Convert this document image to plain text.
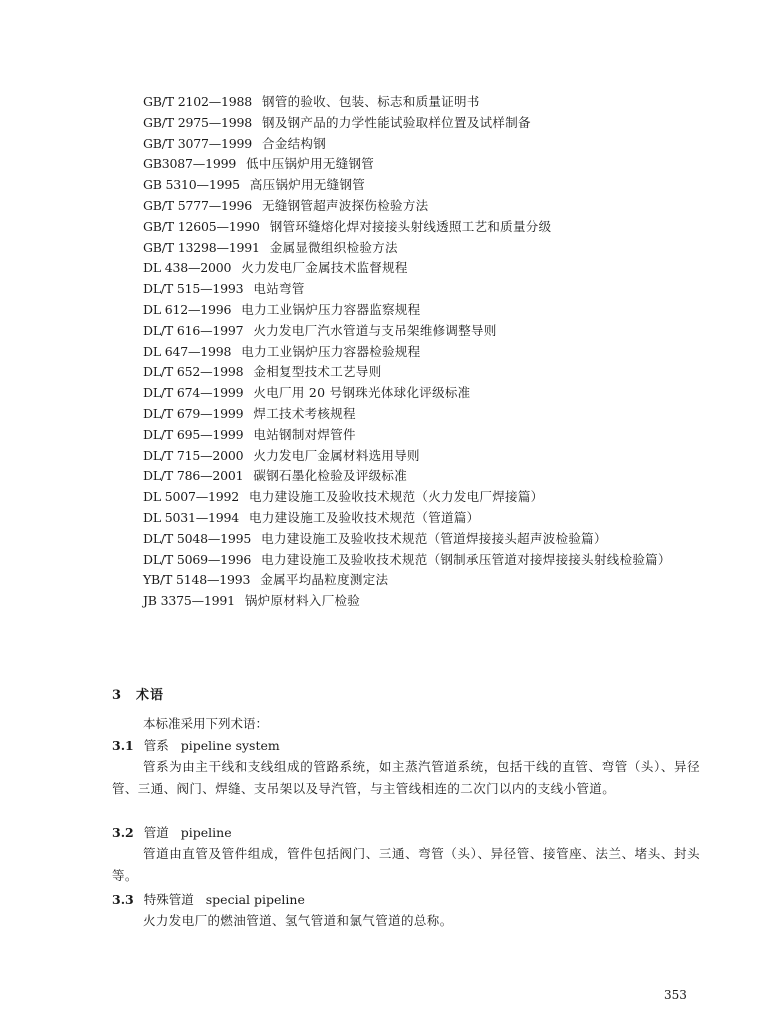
GB/T 2102—1988 钢管的验收、包装、标志和质量证明书
GB/T 2975—1998 钢及钢产品的力学性能试验取样位置及试样制备
GB/T 3077—1999 合金结构钢
GB3087—1999 低中压锅炉用无缝钢管
GB 5310—1995 高压锅炉用无缝钢管
GB/T 5777—1996 无缝钢管超声波探伤检验方法
GB/T 12605—1990 钢管环缝熔化焊对接接头射线透照工艺和质量分级
GB/T 13298—1991 金属显微组织检验方法
DL 438—2000 火力发电厂金属技术监督规程
DL/T 515—1993 电站弯管
DL 612—1996 电力工业锅炉压力容器监察规程
DL/T 616—1997 火力发电厂汽水管道与支吊架维修调整导则
DL 647—1998 电力工业锅炉压力容器检验规程
DL/T 652—1998 金相复型技术工艺导则
DL/T 674—1999 火电厂用 20 号钢珠光体球化评级标准
DL/T 679—1999 焊工技术考核规程
DL/T 695—1999 电站钢制对焊管件
DL/T 715—2000 火力发电厂金属材料选用导则
DL/T 786—2001 碳钢石墨化检验及评级标准
DL 5007—1992 电力建设施工及验收技术规范（火力发电厂焊接篇）
DL 5031—1994 电力建设施工及验收技术规范（管道篇）
DL/T 5048—1995 电力建设施工及验收技术规范（管道焊接接头超声波检验篇）
DL/T 5069—1996 电力建设施工及验收技术规范（钢制承压管道对接焊接接头射线检验篇）
YB/T 5148—1993 金属平均晶粒度测定法
JB 3375—1991 锅炉原材料入厂检验
3 术语
本标准采用下列术语：
3.1 管系 pipeline system
管系为由主干线和支线组成的管路系统，如主蒸汽管道系统，包括干线的直管、弯管（头）、异径管、三通、阀门、焊缝、支吊架以及导汽管，与主管线相连的二次门以内的支线小管道。
3.2 管道 pipeline
管道由直管及管件组成，管件包括阀门、三通、弯管（头）、异径管、接管座、法兰、堵头、封头等。
3.3 特殊管道 special pipeline
火力发电厂的燃油管道、氢气管道和氯气管道的总称。
353
